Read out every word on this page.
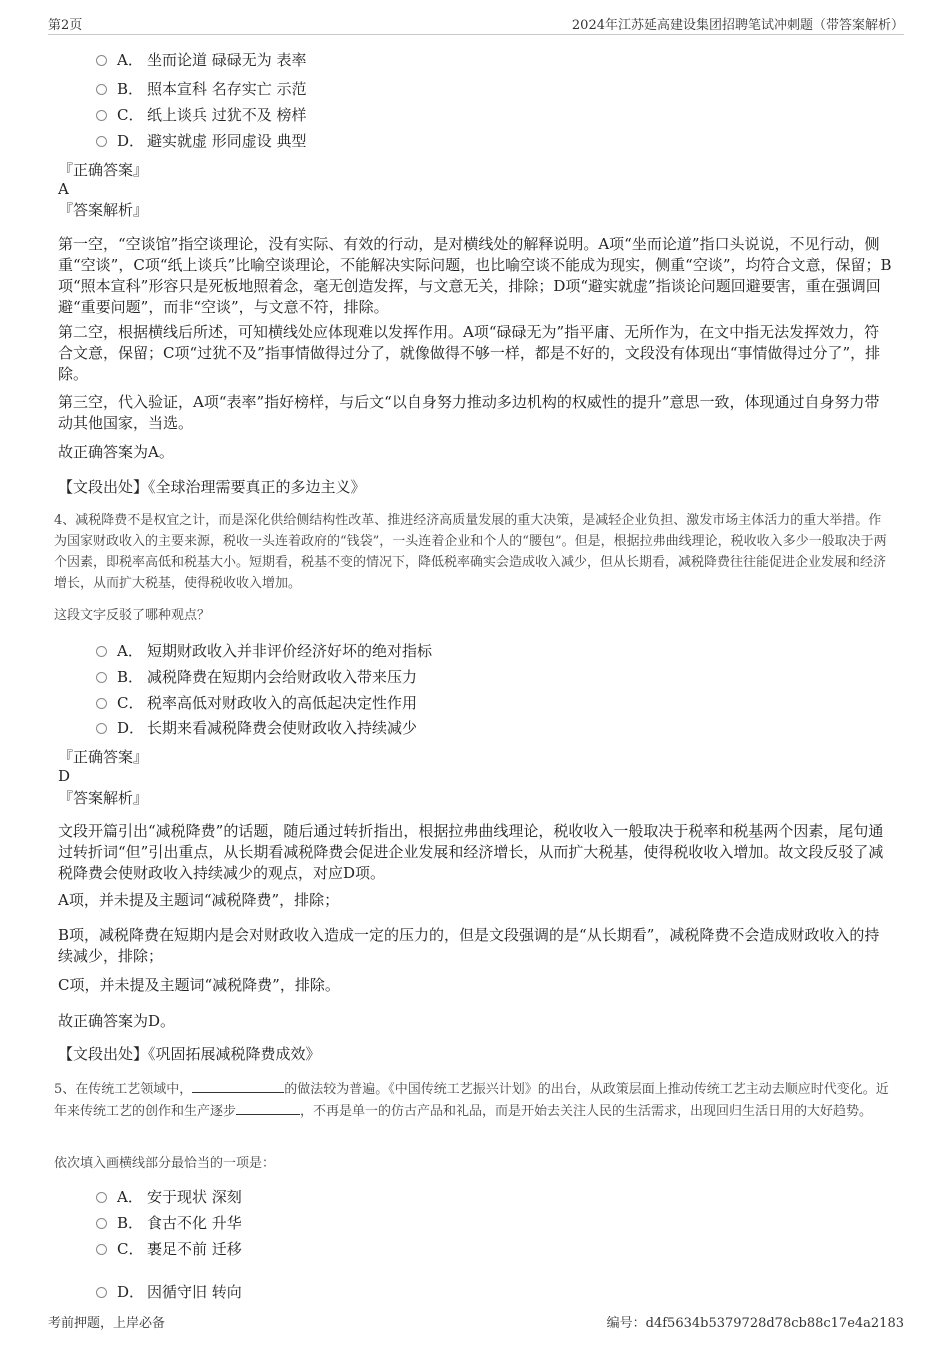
第2页	2024年江苏延高建设集团招聘笔试冲刺题（带答案解析）
A． 坐而论道 碌碌无为 表率
B． 照本宣科 名存实亡 示范
C． 纸上谈兵 过犹不及 榜样
D． 避实就虚 形同虚设 典型
『正确答案』
A
『答案解析』

第一空，“空谈馆”指空谈理论，没有实际、有效的行动，是对横线处的解释说明。A项“坐而论道”指口头说说，不见行动，侧重“空谈”，C项“纸上谈兵”比喻空谈理论，不能解决实际问题，也比喻空谈不能成为现实，侧重“空谈”，均符合文意，保留；B项“照本宣科”形容只是死板地照着念，毫无创造发挥，与文意无关，排除；D项“避实就虚”指谈论问题回避要害，重在强调回避“重要问题”，而非“空谈”，与文意不符，排除。

第二空，根据横线后所述，可知横线处应体现难以发挥作用。A项“碌碌无为”指平庸、无所作为，在文中指无法发挥效力，符合文意，保留；C项“过犹不及”指事情做得过分了，就像做得不够一样，都是不好的，文段没有体现出“事情做得过分了”，排除。

第三空，代入验证，A项“表率”指好榜样，与后文“以自身努力推动多边机构的权威性的提升”意思一致，体现通过自身努力带动其他国家，当选。

故正确答案为A。

【文段出处】《全球治理需要真正的多边主义》

4、减税降费不是权宜之计，而是深化供给侧结构性改革、推进经济高质量发展的重大决策，是减轻企业负担、激发市场主体活力的重大举措。作为国家财政收入的主要来源，税收一头连着政府的“钱袋”，一头连着企业和个人的“腰包”。但是，根据拉弗曲线理论，税收收入多少一般取决于两个因素，即税率高低和税基大小。短期看，税基不变的情况下，降低税率确实会造成收入减少，但从长期看，减税降费往往能促进企业发展和经济增长，从而扩大税基，使得税收收入增加。

这段文字反驳了哪种观点？

A． 短期财政收入并非评价经济好坏的绝对指标
B． 减税降费在短期内会给财政收入带来压力
C． 税率高低对财政收入的高低起决定性作用
D． 长期来看减税降费会使财政收入持续减少
『正确答案』
D
『答案解析』

文段开篇引出“减税降费”的话题，随后通过转折指出，根据拉弗曲线理论，税收收入一般取决于税率和税基两个因素，尾句通过转折词“但”引出重点，从长期看减税降费会促进企业发展和经济增长，从而扩大税基，使得税收收入增加。故文段反驳了减税降费会使财政收入持续减少的观点，对应D项。

A项，并未提及主题词“减税降费”，排除；

B项，减税降费在短期内是会对财政收入造成一定的压力的，但是文段强调的是“从长期看”，减税降费不会造成财政收入的持续减少，排除；

C项，并未提及主题词“减税降费”，排除。

故正确答案为D。

【文段出处】《巩固拓展减税降费成效》

5、在传统工艺领域中，	的做法较为普遍。《中国传统工艺振兴计划》的出台，从政策层面上推动传统工艺主动去顺应时代变化。近年来传统工艺的创作和生产逐步	，不再是单一的仿古产品和礼品，而是开始去关注人民的生活需求，出现回归生活日用的大好趋势。

依次填入画横线部分最恰当的一项是：

A． 安于现状 深刻
B． 食古不化 升华
C． 裹足不前 迁移
D． 因循守旧 转向
考前押题，上岸必备	编号：d4f5634b5379728d78cb88c17e4a2183
